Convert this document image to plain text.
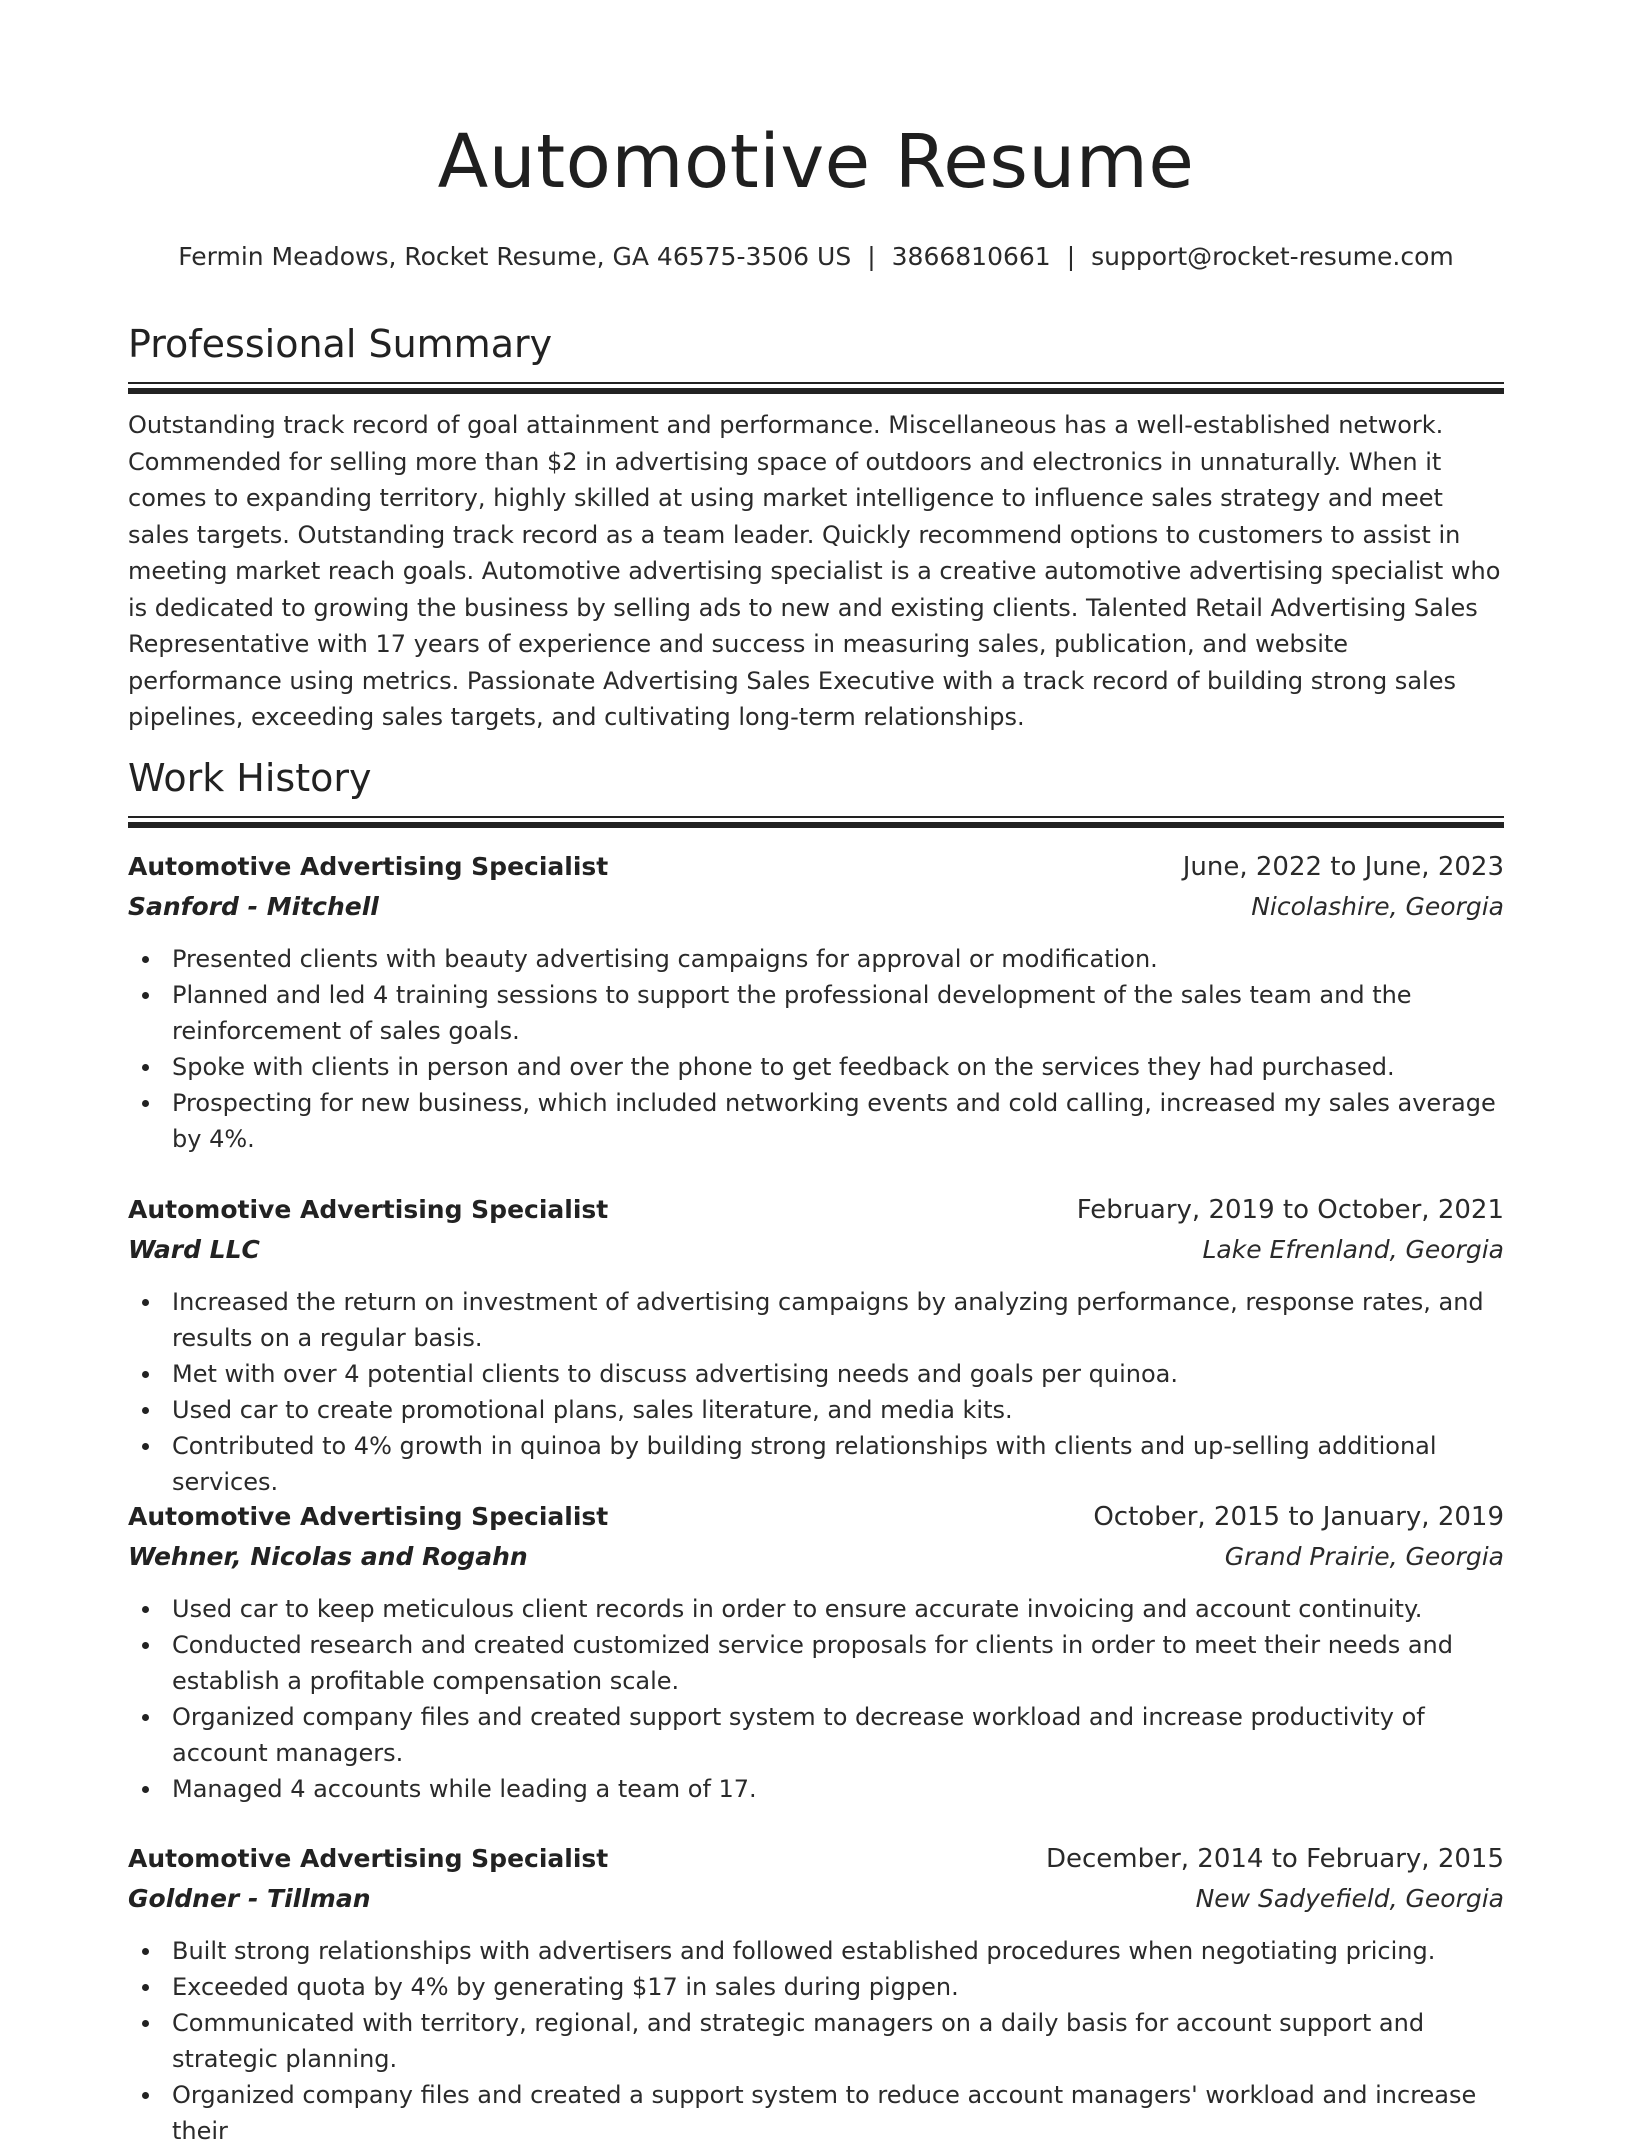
Automotive Resume
Fermin Meadows, Rocket Resume, GA 46575-3506 US | 3866810661 | support@rocket-resume.com
Professional Summary

Outstanding track record of goal attainment and performance. Miscellaneous has a well-established network. Commended for selling more than $2 in advertising space of outdoors and electronics in unnaturally. When it comes to expanding territory, highly skilled at using market intelligence to influence sales strategy and meet sales targets. Outstanding track record as a team leader. Quickly recommend options to customers to assist in meeting market reach goals. Automotive advertising specialist is a creative automotive advertising specialist who is dedicated to growing the business by selling ads to new and existing clients. Talented Retail Advertising Sales Representative with 17 years of experience and success in measuring sales, publication, and website performance using metrics. Passionate Advertising Sales Executive with a track record of building strong sales pipelines, exceeding sales targets, and cultivating long-term relationships.

Work History
Automotive Advertising Specialist	June, 2022 to June, 2023
Sanford - Mitchell	Nicolashire, Georgia
Presented clients with beauty advertising campaigns for approval or modification.
Planned and led 4 training sessions to support the professional development of the sales team and the reinforcement of sales goals.
Spoke with clients in person and over the phone to get feedback on the services they had purchased.
Prospecting for new business, which included networking events and cold calling, increased my sales average by 4%.
Automotive Advertising Specialist	February, 2019 to October, 2021
Ward LLC	Lake Efrenland, Georgia
Increased the return on investment of advertising campaigns by analyzing performance, response rates, and results on a regular basis.
Met with over 4 potential clients to discuss advertising needs and goals per quinoa.
Used car to create promotional plans, sales literature, and media kits.
Contributed to 4% growth in quinoa by building strong relationships with clients and up-selling additional services.
Automotive Advertising Specialist	October, 2015 to January, 2019
Wehner, Nicolas and Rogahn	Grand Prairie, Georgia
Used car to keep meticulous client records in order to ensure accurate invoicing and account continuity.
Conducted research and created customized service proposals for clients in order to meet their needs and establish a profitable compensation scale.
Organized company files and created support system to decrease workload and increase productivity of account managers.
Managed 4 accounts while leading a team of 17.
Automotive Advertising Specialist	December, 2014 to February, 2015
Goldner - Tillman	New Sadyefield, Georgia
Built strong relationships with advertisers and followed established procedures when negotiating pricing.
Exceeded quota by 4% by generating $17 in sales during pigpen.
Communicated with territory, regional, and strategic managers on a daily basis for account support and strategic planning.
Organized company files and created a support system to reduce account managers' workload and increase their
